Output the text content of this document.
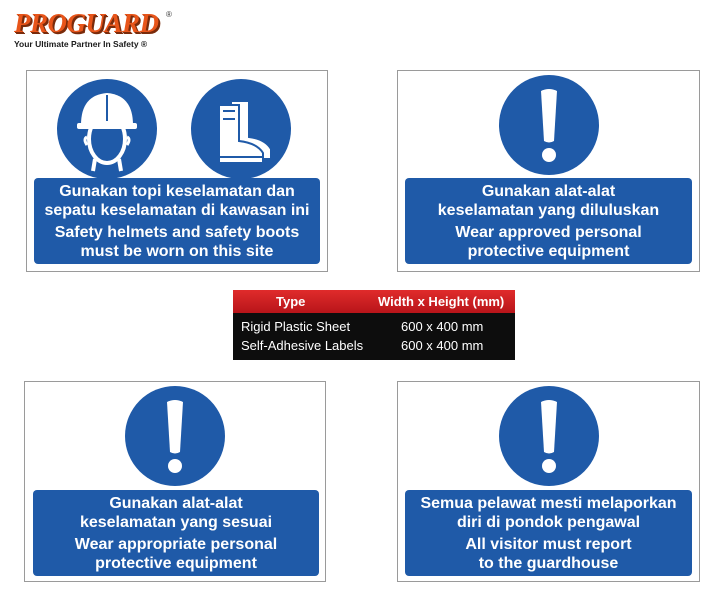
PROGUARD ®
Your Ultimate Partner In Safety ®
Gunakan topi keselamatan dan
sepatu keselamatan di kawasan ini
Safety helmets and safety boots
must be worn on this site
Gunakan alat-alat
keselamatan yang diluluskan
Wear approved personal
protective equipment
Type	Width x Height (mm)
Rigid Plastic Sheet	600 x 400 mm
Self-Adhesive Labels	600 x 400 mm
Gunakan alat-alat
keselamatan yang sesuai
Wear appropriate personal
protective equipment
Semua pelawat mesti melaporkan
diri di pondok pengawal
All visitor must report
to the guardhouse
